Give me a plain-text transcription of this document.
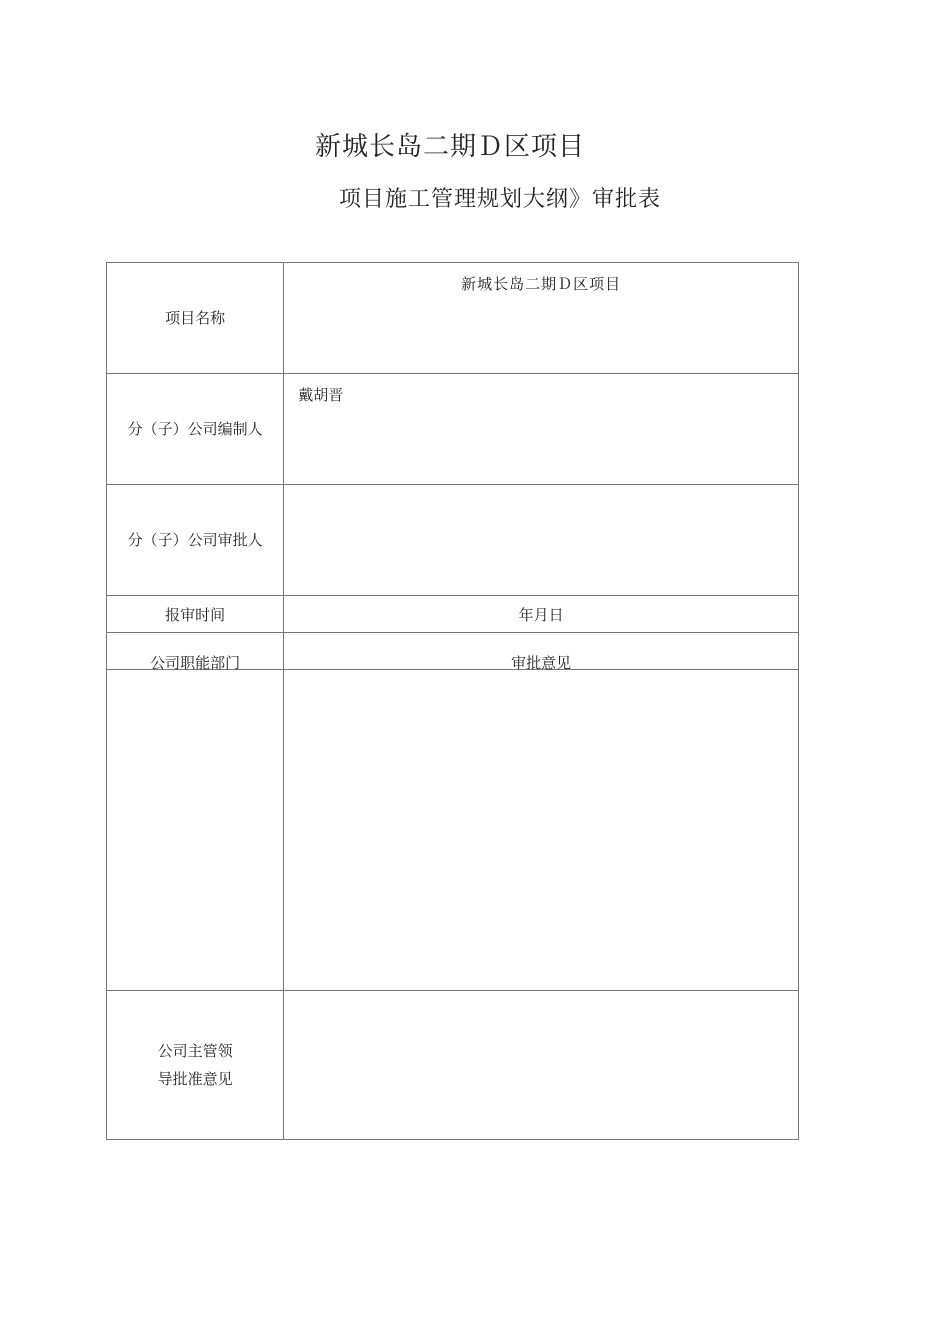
新城长岛二期Ｄ区项目
项目施工管理规划大纲》审批表
项目名称	新城长岛二期Ｄ区项目
分（子）公司编制人	戴胡晋
分（子）公司审批人	
报审时间	年月日
公司职能部门	审批意见

公司主管领
导批准意见	
